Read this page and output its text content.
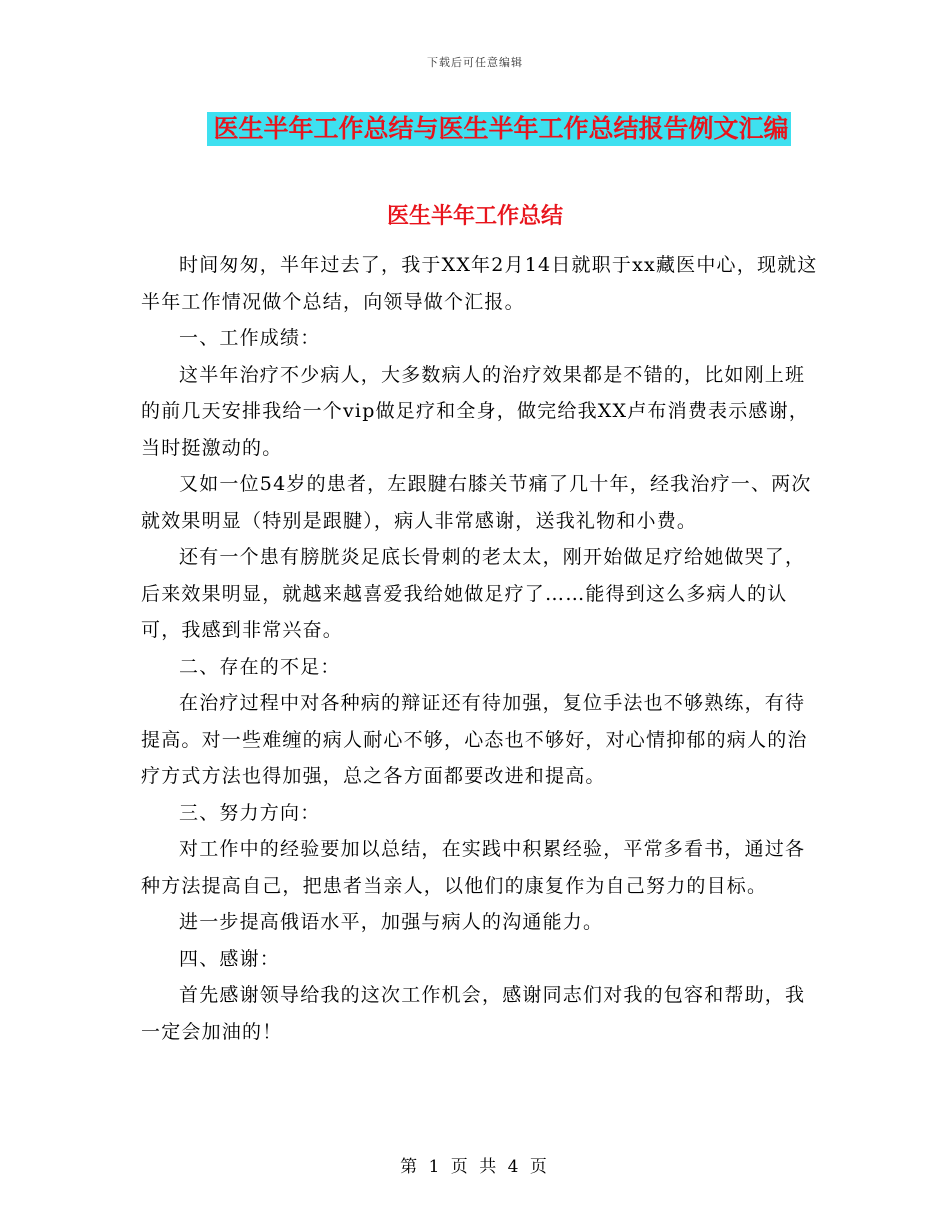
下载后可任意编辑
医生半年工作总结与医生半年工作总结报告例文汇编
医生半年工作总结

时间匆匆，半年过去了，我于XX年2月14日就职于xx藏医中心，现就这半年工作情况做个总结，向领导做个汇报。

一、工作成绩：

这半年治疗不少病人，大多数病人的治疗效果都是不错的，比如刚上班的前几天安排我给一个vip做足疗和全身，做完给我XX卢布消费表示感谢，当时挺激动的。

又如一位54岁的患者，左跟腱右膝关节痛了几十年，经我治疗一、两次就效果明显（特别是跟腱），病人非常感谢，送我礼物和小费。

还有一个患有膀胱炎足底长骨刺的老太太，刚开始做足疗给她做哭了，后来效果明显，就越来越喜爱我给她做足疗了……能得到这么多病人的认可，我感到非常兴奋。

二、存在的不足：

在治疗过程中对各种病的辩证还有待加强，复位手法也不够熟练，有待提高。对一些难缠的病人耐心不够，心态也不够好，对心情抑郁的病人的治疗方式方法也得加强，总之各方面都要改进和提高。

三、努力方向：

对工作中的经验要加以总结，在实践中积累经验，平常多看书，通过各种方法提高自己，把患者当亲人，以他们的康复作为自己努力的目标。

进一步提高俄语水平，加强与病人的沟通能力。

四、感谢：

首先感谢领导给我的这次工作机会，感谢同志们对我的包容和帮助，我一定会加油的！

第 1 页 共 4 页
